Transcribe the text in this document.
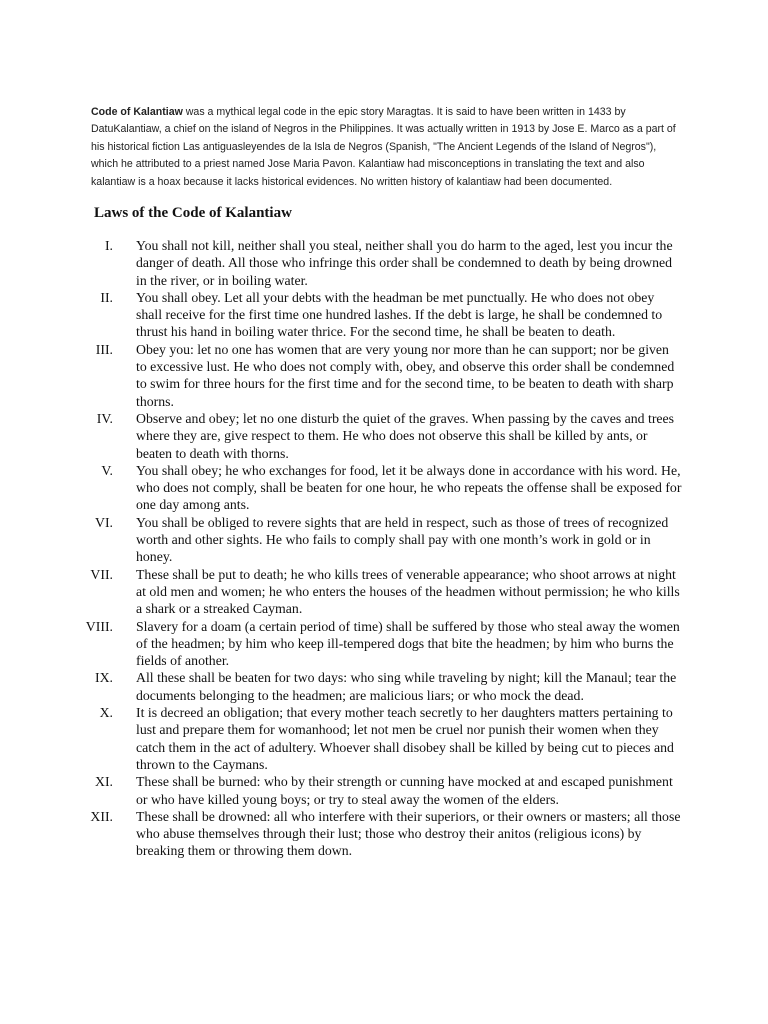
Code of Kalantiaw was a mythical legal code in the epic story Maragtas. It is said to have been written in 1433 by DatuKalantiaw, a chief on the island of Negros in the Philippines. It was actually written in 1913 by Jose E. Marco as a part of his historical fiction Las antiguasleyendes de la Isla de Negros (Spanish, "The Ancient Legends of the Island of Negros"), which he attributed to a priest named Jose Maria Pavon. Kalantiaw had misconceptions in translating the text and also kalantiaw is a hoax because it lacks historical evidences. No written history of kalantiaw had been documented.

Laws of the Code of Kalantiaw
I.	You shall not kill, neither shall you steal, neither shall you do harm to the aged, lest you incur the danger of death. All those who infringe this order shall be condemned to death by being drowned in the river, or in boiling water.
II.	You shall obey. Let all your debts with the headman be met punctually. He who does not obey shall receive for the first time one hundred lashes. If the debt is large, he shall be condemned to thrust his hand in boiling water thrice. For the second time, he shall be beaten to death.
III.	Obey you: let no one has women that are very young nor more than he can support; nor be given to excessive lust. He who does not comply with, obey, and observe this order shall be condemned to swim for three hours for the first time and for the second time, to be beaten to death with sharp thorns.
IV.	Observe and obey; let no one disturb the quiet of the graves. When passing by the caves and trees where they are, give respect to them. He who does not observe this shall be killed by ants, or beaten to death with thorns.
V.	You shall obey; he who exchanges for food, let it be always done in accordance with his word. He, who does not comply, shall be beaten for one hour, he who repeats the offense shall be exposed for one day among ants.
VI.	You shall be obliged to revere sights that are held in respect, such as those of trees of recognized worth and other sights. He who fails to comply shall pay with one month’s work in gold or in honey.
VII.	These shall be put to death; he who kills trees of venerable appearance; who shoot arrows at night at old men and women; he who enters the houses of the headmen without permission; he who kills a shark or a streaked Cayman.
VIII.	Slavery for a doam (a certain period of time) shall be suffered by those who steal away the women of the headmen; by him who keep ill-tempered dogs that bite the headmen; by him who burns the fields of another.
IX.	All these shall be beaten for two days: who sing while traveling by night; kill the Manaul; tear the documents belonging to the headmen; are malicious liars; or who mock the dead.
X.	It is decreed an obligation; that every mother teach secretly to her daughters matters pertaining to lust and prepare them for womanhood; let not men be cruel nor punish their women when they catch them in the act of adultery. Whoever shall disobey shall be killed by being cut to pieces and thrown to the Caymans.
XI.	These shall be burned: who by their strength or cunning have mocked at and escaped punishment or who have killed young boys; or try to steal away the women of the elders.
XII.	These shall be drowned: all who interfere with their superiors, or their owners or masters; all those who abuse themselves through their lust; those who destroy their anitos (religious icons) by breaking them or throwing them down.
